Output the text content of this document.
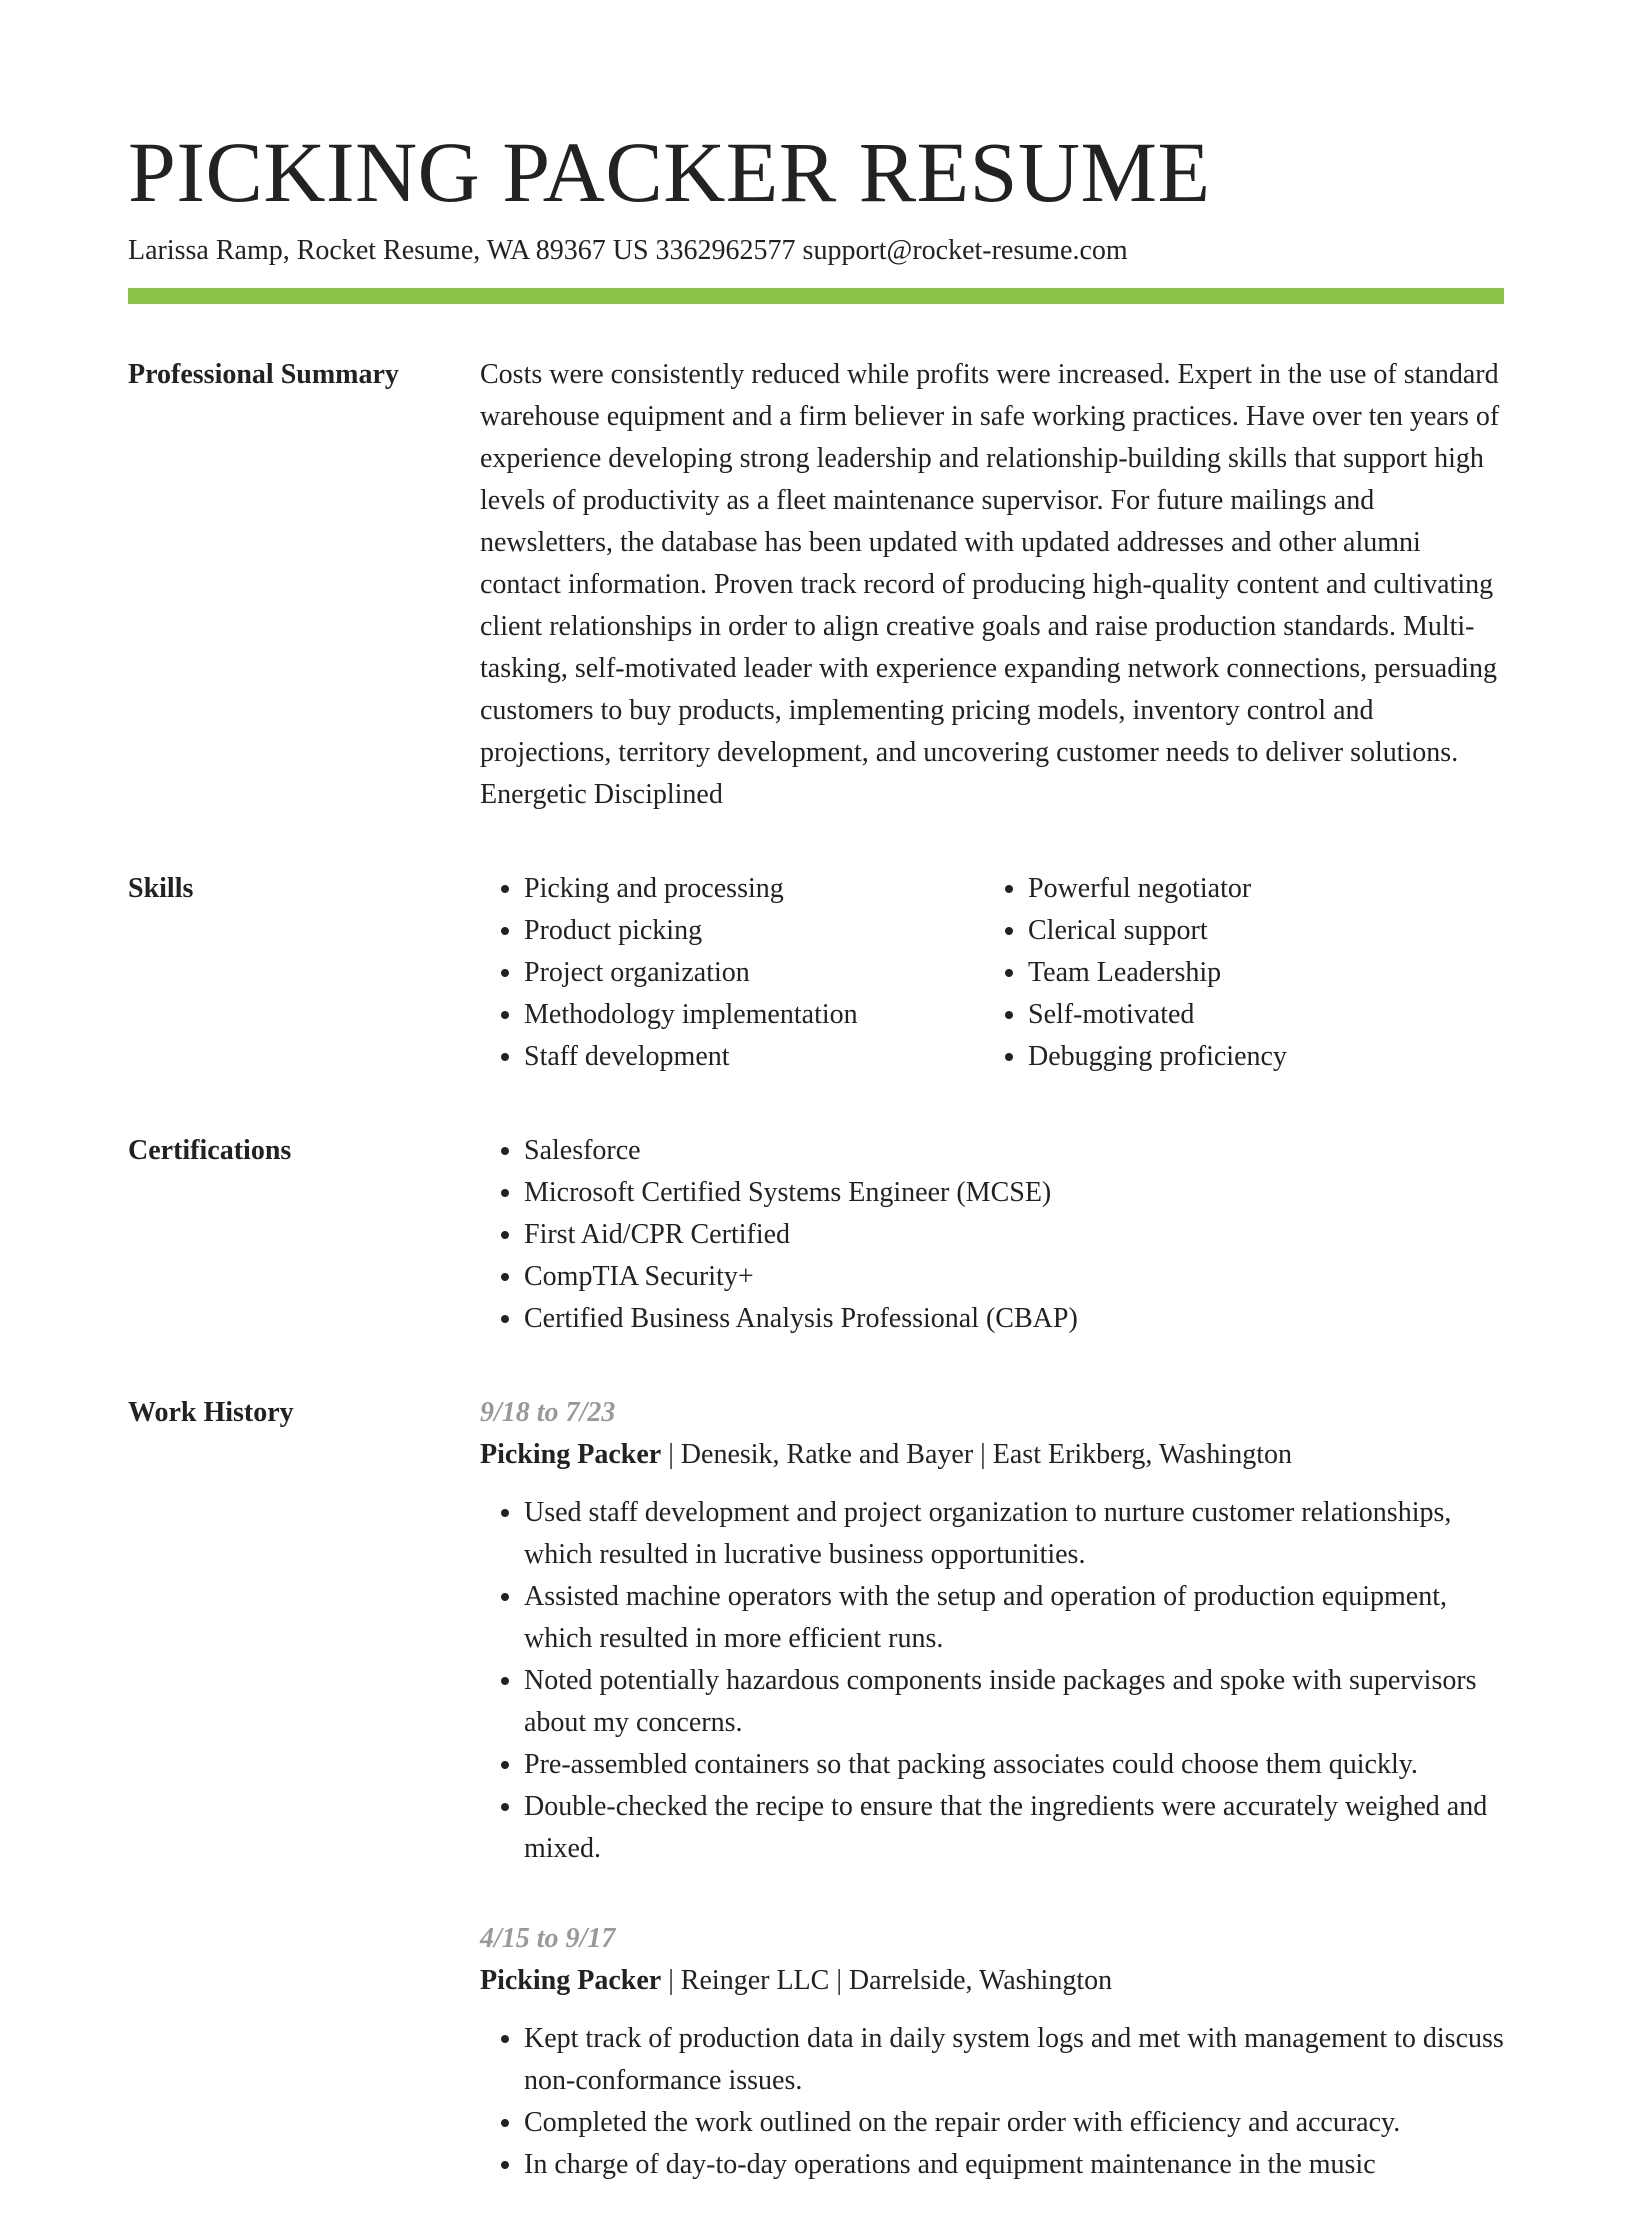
PICKING PACKER RESUME
Larissa Ramp, Rocket Resume, WA 89367 US 3362962577 support@rocket-resume.com
Professional Summary	Costs were consistently reduced while profits were increased. Expert in the use of standard warehouse equipment and a firm believer in safe working practices. Have over ten years of experience developing strong leadership and relationship-building skills that support high levels of productivity as a fleet maintenance supervisor. For future mailings and newsletters, the database has been updated with updated addresses and other alumni contact information. Proven track record of producing high-quality content and cultivating client relationships in order to align creative goals and raise production standards. Multi-tasking, self-motivated leader with experience expanding network connections, persuading customers to buy products, implementing pricing models, inventory control and projections, territory development, and uncovering customer needs to deliver solutions. Energetic Disciplined

Skills	• Picking and processing
• Product picking
• Project organization
• Methodology implementation
• Staff development
• Powerful negotiator
• Clerical support
• Team Leadership
• Self-motivated
• Debugging proficiency
Certifications	• Salesforce
• Microsoft Certified Systems Engineer (MCSE)
• First Aid/CPR Certified
• CompTIA Security+
• Certified Business Analysis Professional (CBAP)
Work History	9/18 to 7/23
Picking Packer | Denesik, Ratke and Bayer | East Erikberg, Washington
• Used staff development and project organization to nurture customer relationships, which resulted in lucrative business opportunities.
• Assisted machine operators with the setup and operation of production equipment, which resulted in more efficient runs.
• Noted potentially hazardous components inside packages and spoke with supervisors about my concerns.
• Pre-assembled containers so that packing associates could choose them quickly.
• Double-checked the recipe to ensure that the ingredients were accurately weighed and mixed.
4/15 to 9/17
Picking Packer | Reinger LLC | Darrelside, Washington
• Kept track of production data in daily system logs and met with management to discuss non-conformance issues.
• Completed the work outlined on the repair order with efficiency and accuracy.
• In charge of day-to-day operations and equipment maintenance in the music
